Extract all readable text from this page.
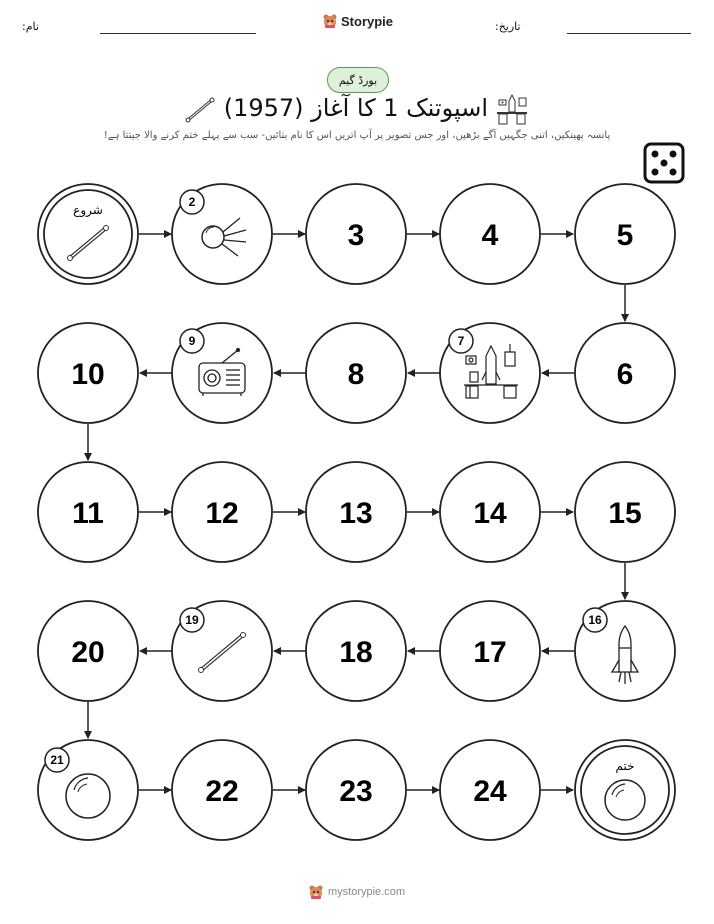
نام:	Storypie	تاریخ:
بورڈ گیم
اسپوتنک 1 کا آغاز (1957)
پانسہ پھینکیں، اتنی جگہیں آگے بڑھیں، اور جس تصویر پر آپ اتریں اس کا نام بتائیں- سب سے پہلے ختم کرنے والا جیتتا ہے!
شروع
2
3	4	5
6
7
8
9
10
11	12	13	14	15
16
17
18
19
20
21
22	23	24
ختم
mystorypie.com
